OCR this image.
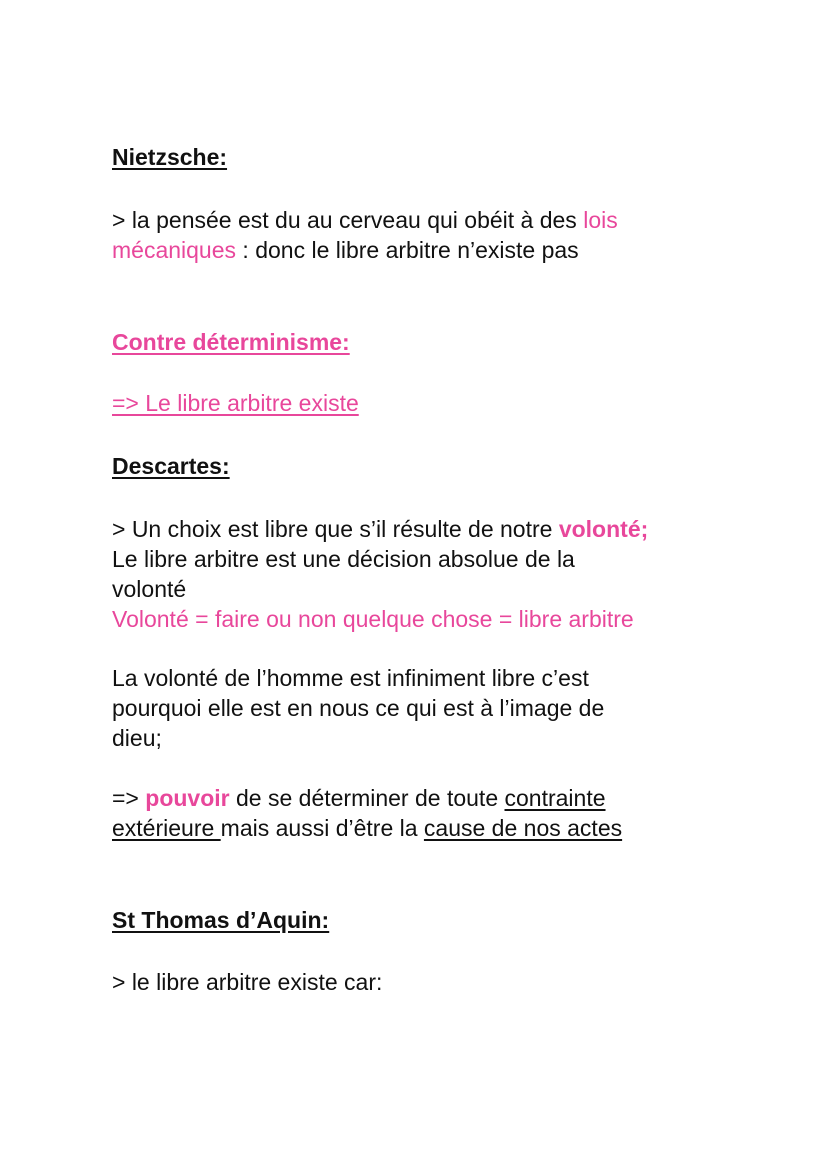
Nietzsche:
> la pensée est du au cerveau qui obéit à des lois
mécaniques : donc le libre arbitre n’existe pas
Contre déterminisme:
=> Le libre arbitre existe
Descartes:
> Un choix est libre que s’il résulte de notre volonté;
Le libre arbitre est une décision absolue de la
volonté
Volonté = faire ou non quelque chose = libre arbitre
La volonté de l’homme est infiniment libre c’est
pourquoi elle est en nous ce qui est à l’image de
dieu;
=> pouvoir de se déterminer de toute contrainte
extérieure mais aussi d’être la cause de nos actes
St Thomas d’Aquin:
> le libre arbitre existe car:
